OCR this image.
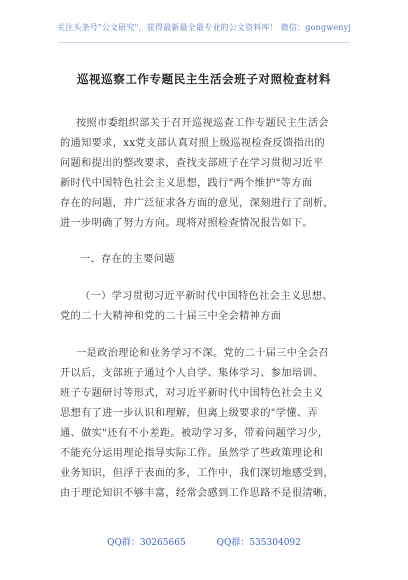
关注头条号"公文研究"，获得最新最全最专业的公文资料库！ 微信：gongwenyj
巡视巡察工作专题民主生活会班子对照检查材料
按照市委组织部关于召开巡视巡查工作专题民主生活会
的通知要求，xx党支部认真对照上级巡视检查反馈指出的
问题和提出的整改要求，查找支部班子在学习贯彻习近平
新时代中国特色社会主义思想，践行"两个维护"等方面
存在的问题，并广泛征求各方面的意见，深刻进行了剖析，
进一步明确了努力方向。现将对照检查情况报告如下。
一、存在的主要问题
（一）学习贯彻习近平新时代中国特色社会主义思想、
党的二十大精神和党的二十届三中全会精神方面
一是政治理论和业务学习不深。党的二十届三中全会召
开以后，支部班子通过个人自学、集体学习、参加培训、
班子专题研讨等形式，对习近平新时代中国特色社会主义
思想有了进一步认识和理解，但离上级要求的"学懂、弄
通、做实"还有不小差距。被动学习多，带着问题学习少，
不能充分运用理论指导实际工作。虽然学了些政策理论和
业务知识，但浮于表面的多，工作中，我们深切地感受到，
由于理论知识不够丰富，经常会感到工作思路不是很清晰，
QQ群：30265665	QQ群：535304092
